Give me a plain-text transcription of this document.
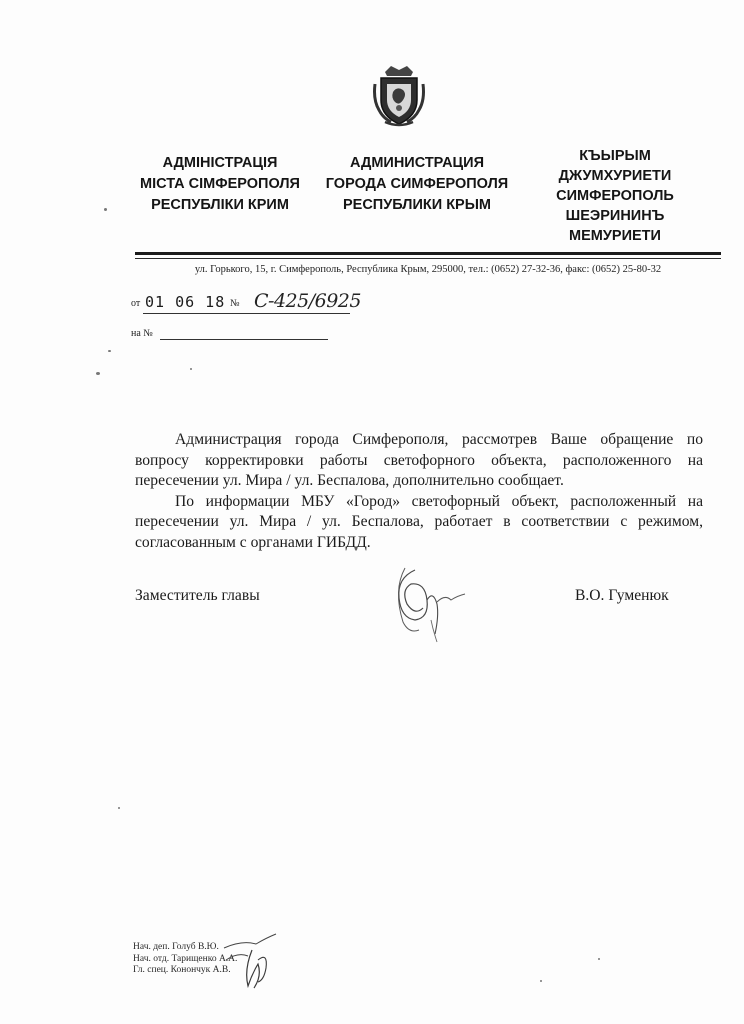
АДМІНІСТРАЦІЯ
МІСТА СІМФЕРОПОЛЯ
РЕСПУБЛІКИ КРИМ
АДМИНИСТРАЦИЯ
ГОРОДА СИМФЕРОПОЛЯ
РЕСПУБЛИКИ КРЫМ
КЪЫРЫМ
ДЖУМХУРИЕТИ
СИМФЕРОПОЛЬ
ШЕЭРИНИНЪ
МЕМУРИЕТИ
ул. Горького, 15, г. Симферополь, Республика Крым, 295000, тел.: (0652) 27-32-36, факс: (0652) 25-80-32
от 01 06 18 № С-425/6925
на №

Администрация города Симферополя, рассмотрев Ваше обращение по вопросу корректировки работы светофорного объекта, расположенного на пересечении ул. Мира / ул. Беспалова, дополнительно сообщает.

По информации МБУ «Город» светофорный объект, расположенный на пересечении ул. Мира / ул. Беспалова, работает в соответствии с режимом, согласованным с органами ГИБДД.

Заместитель главы	В.О. Гуменюк
Нач. деп. Голуб В.Ю.
Нач. отд. Тарищенко А.А.
Гл. спец. Конончук А.В.
